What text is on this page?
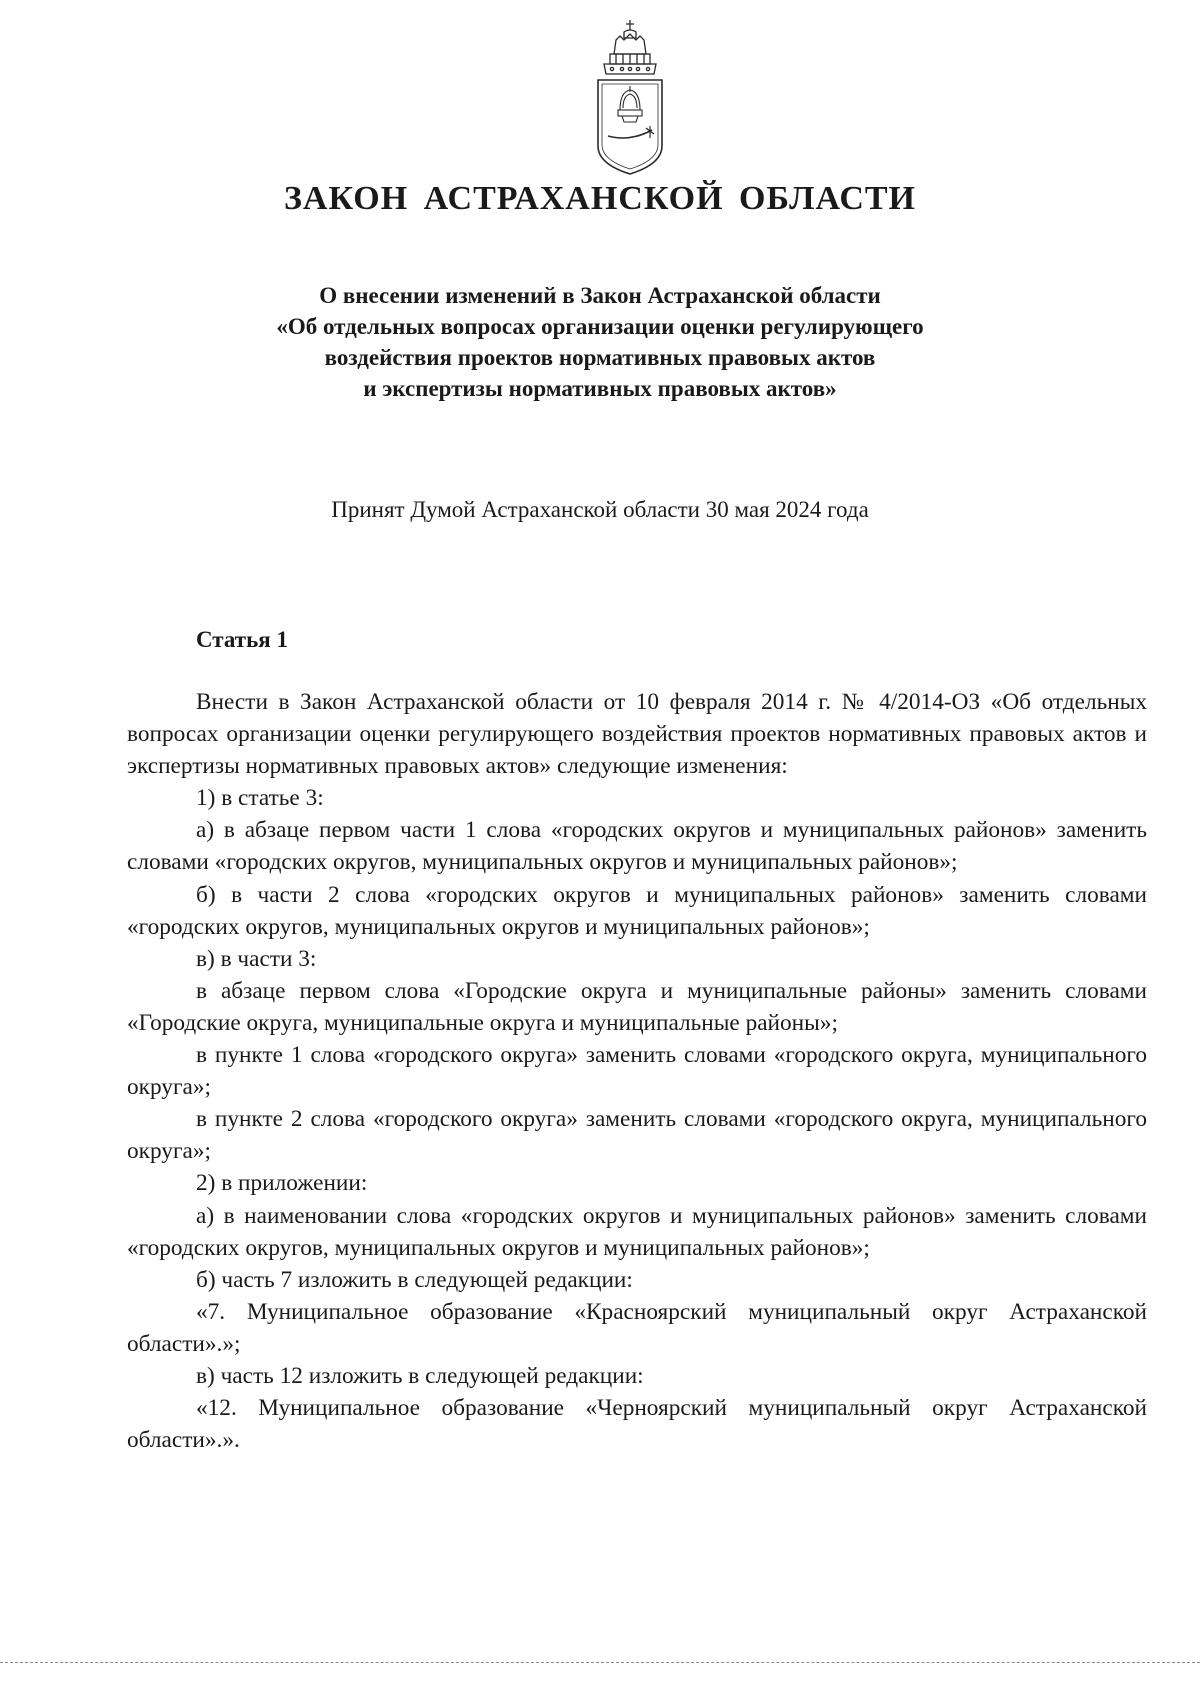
ЗАКОН АСТРАХАНСКОЙ ОБЛАСТИ
О внесении изменений в Закон Астраханской области
«Об отдельных вопросах организации оценки регулирующего
воздействия проектов нормативных правовых актов
и экспертизы нормативных правовых актов»
Принят Думой Астраханской области 30 мая 2024 года
Статья 1

Внести в Закон Астраханской области от 10 февраля 2014 г. № 4/2014-ОЗ «Об отдельных вопросах организации оценки регулирующего воздействия проектов нормативных правовых актов и экспертизы нормативных правовых актов» следующие изменения:

1) в статье 3:

а) в абзаце первом части 1 слова «городских округов и муниципальных районов» заменить словами «городских округов, муниципальных округов и муниципальных районов»;

б) в части 2 слова «городских округов и муниципальных районов» заменить словами «городских округов, муниципальных округов и муниципальных районов»;

в) в части 3:

в абзаце первом слова «Городские округа и муниципальные районы» заменить словами «Городские округа, муниципальные округа и муниципальные районы»;

в пункте 1 слова «городского округа» заменить словами «городского округа, муниципального округа»;

в пункте 2 слова «городского округа» заменить словами «городского округа, муниципального округа»;

2) в приложении:

а) в наименовании слова «городских округов и муниципальных районов» заменить словами «городских округов, муниципальных округов и муниципальных районов»;

б) часть 7 изложить в следующей редакции:

«7. Муниципальное образование «Красноярский муниципальный округ Астраханской области».»;

в) часть 12 изложить в следующей редакции:

«12. Муниципальное образование «Черноярский муниципальный округ Астраханской области».».
